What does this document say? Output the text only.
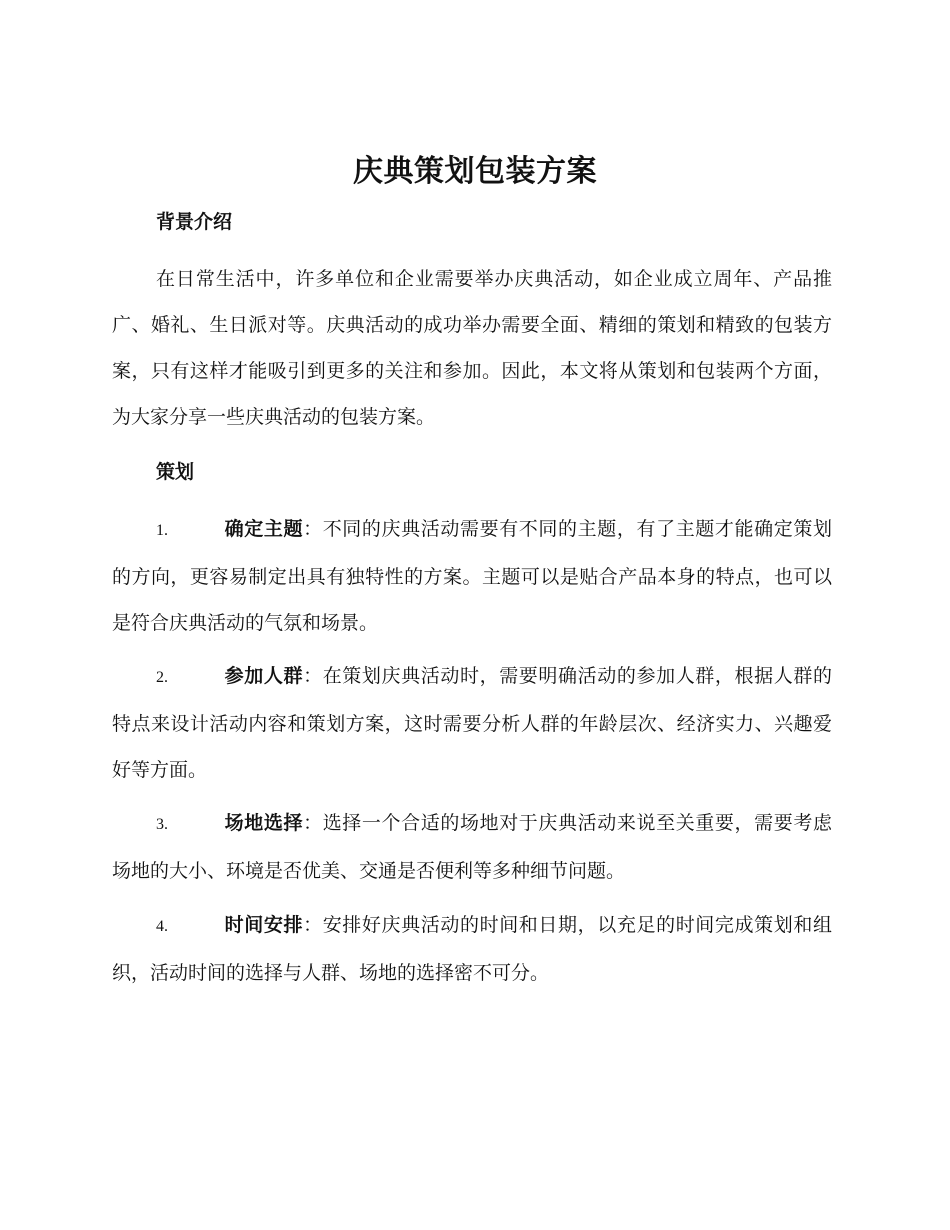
庆典策划包装方案
背景介绍

在日常生活中，许多单位和企业需要举办庆典活动，如企业成立周年、产品推广、婚礼、生日派对等。庆典活动的成功举办需要全面、精细的策划和精致的包装方案，只有这样才能吸引到更多的关注和参加。因此，本文将从策划和包装两个方面，为大家分享一些庆典活动的包装方案。

策划

1.	确定主题：不同的庆典活动需要有不同的主题，有了主题才能确定策划的方向，更容易制定出具有独特性的方案。主题可以是贴合产品本身的特点，也可以是符合庆典活动的气氛和场景。

2.	参加人群：在策划庆典活动时，需要明确活动的参加人群，根据人群的特点来设计活动内容和策划方案，这时需要分析人群的年龄层次、经济实力、兴趣爱好等方面。

3.	场地选择：选择一个合适的场地对于庆典活动来说至关重要，需要考虑场地的大小、环境是否优美、交通是否便利等多种细节问题。

4.	时间安排：安排好庆典活动的时间和日期，以充足的时间完成策划和组织，活动时间的选择与人群、场地的选择密不可分。
